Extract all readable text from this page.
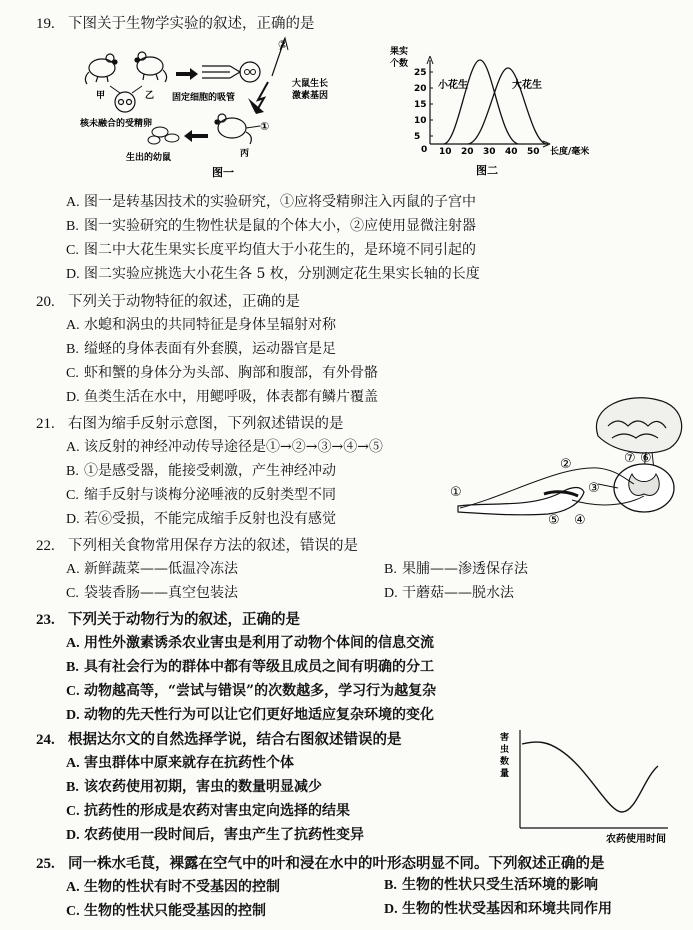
19. 下图关于生物学实验的叙述，正确的是
甲	乙
核未融合的受精卵
固定细胞的吸管
②
大鼠生长
激素基因
①
丙
生出的幼鼠
图一
果实
个数
5
10
15
20
25
10 20 30 40 50
0
小花生	大花生
长度/毫米
图二
A. 图一是转基因技术的实验研究，①应将受精卵注入丙鼠的子宫中
B. 图一实验研究的生物性状是鼠的个体大小，②应使用显微注射器
C. 图二中大花生果实长度平均值大于小花生的，是环境不同引起的
D. 图二实验应挑选大小花生各 5 枚，分别测定花生果实长轴的长度
20. 下列关于动物特征的叙述，正确的是
A. 水螅和涡虫的共同特征是身体呈辐射对称
B. 缢蛏的身体表面有外套膜，运动器官是足
C. 虾和蟹的身体分为头部、胸部和腹部，有外骨骼
D. 鱼类生活在水中，用鳃呼吸，体表都有鳞片覆盖
21. 右图为缩手反射示意图，下列叙述错误的是
A. 该反射的神经冲动传导途径是①→②→③→④→⑤
B. ①是感受器，能接受刺激，产生神经冲动
C. 缩手反射与谈梅分泌唾液的反射类型不同
D. 若⑥受损，不能完成缩手反射也没有感觉
①
②
③
④
⑤
⑥
⑦
22. 下列相关食物常用保存方法的叙述，错误的是
A. 新鲜蔬菜——低温冷冻法	B. 果脯——渗透保存法
C. 袋装香肠——真空包装法	D. 干蘑菇——脱水法
23. 下列关于动物行为的叙述，正确的是
A. 用性外激素诱杀农业害虫是利用了动物个体间的信息交流
B. 具有社会行为的群体中都有等级且成员之间有明确的分工
C. 动物越高等，“尝试与错误”的次数越多，学习行为越复杂
D. 动物的先天性行为可以让它们更好地适应复杂环境的变化
24. 根据达尔文的自然选择学说，结合右图叙述错误的是
A. 害虫群体中原来就存在抗药性个体
B. 该农药使用初期，害虫的数量明显减少
C. 抗药性的形成是农药对害虫定向选择的结果
D. 农药使用一段时间后，害虫产生了抗药性变异
害
虫
数
量
农药使用时间
25. 同一株水毛茛，裸露在空气中的叶和浸在水中的叶形态明显不同。下列叙述正确的是
A. 生物的性状有时不受基因的控制	B. 生物的性状只受生活环境的影响
C. 生物的性状只能受基因的控制	D. 生物的性状受基因和环境共同作用
